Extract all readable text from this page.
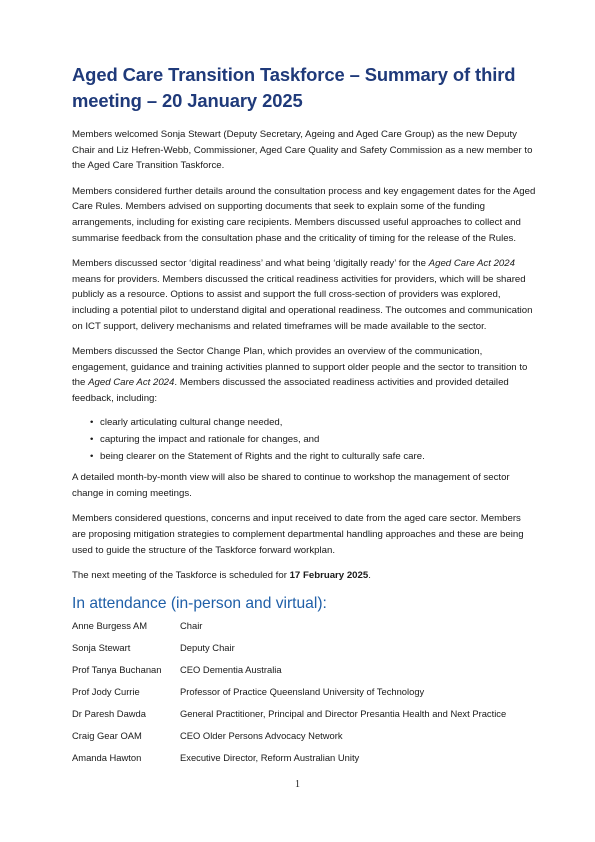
Aged Care Transition Taskforce – Summary of third meeting – 20 January 2025

Members welcomed Sonja Stewart (Deputy Secretary, Ageing and Aged Care Group) as the new Deputy Chair and Liz Hefren-Webb, Commissioner, Aged Care Quality and Safety Commission as a new member to the Aged Care Transition Taskforce.

Members considered further details around the consultation process and key engagement dates for the Aged Care Rules. Members advised on supporting documents that seek to explain some of the funding arrangements, including for existing care recipients. Members discussed useful approaches to collect and summarise feedback from the consultation phase and the criticality of timing for the release of the Rules.

Members discussed sector ‘digital readiness’ and what being ‘digitally ready’ for the Aged Care Act 2024 means for providers. Members discussed the critical readiness activities for providers, which will be shared publicly as a resource. Options to assist and support the full cross-section of providers was explored, including a potential pilot to understand digital and operational readiness. The outcomes and communication on ICT support, delivery mechanisms and related timeframes will be made available to the sector.

Members discussed the Sector Change Plan, which provides an overview of the communication, engagement, guidance and training activities planned to support older people and the sector to transition to the Aged Care Act 2024. Members discussed the associated readiness activities and provided detailed feedback, including:

• clearly articulating cultural change needed,
• capturing the impact and rationale for changes, and
• being clearer on the Statement of Rights and the right to culturally safe care.

A detailed month-by-month view will also be shared to continue to workshop the management of sector change in coming meetings.

Members considered questions, concerns and input received to date from the aged care sector. Members are proposing mitigation strategies to complement departmental handling approaches and these are being used to guide the structure of the Taskforce forward workplan.

The next meeting of the Taskforce is scheduled for 17 February 2025.

In attendance (in-person and virtual):
Anne Burgess AM	Chair
Sonja Stewart	Deputy Chair
Prof Tanya Buchanan	CEO Dementia Australia
Prof Jody Currie	Professor of Practice Queensland University of Technology
Dr Paresh Dawda	General Practitioner, Principal and Director Presantia Health and Next Practice
Craig Gear OAM	CEO Older Persons Advocacy Network
Amanda Hawton	Executive Director, Reform Australian Unity
1
